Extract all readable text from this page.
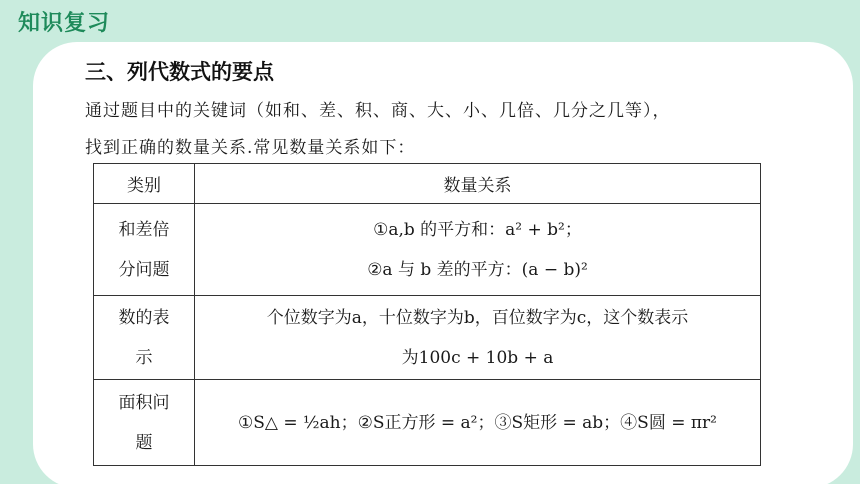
知识复习
三、列代数式的要点
通过题目中的关键词（如和、差、积、商、大、小、几倍、几分之几等），
找到正确的数量关系.常见数量关系如下：
类别	数量关系

和差倍
分问题	①a,b 的平方和：a² + b²；
②a 与 b 差的平方：(a − b)²

数的表
示	个位数字为a，十位数字为b，百位数字为c，这个数表示
为100c + 10b + a

面积问
题	①S△ = ½ah；②S正方形 = a²；③S矩形 = ab；④S圆 = πr²
